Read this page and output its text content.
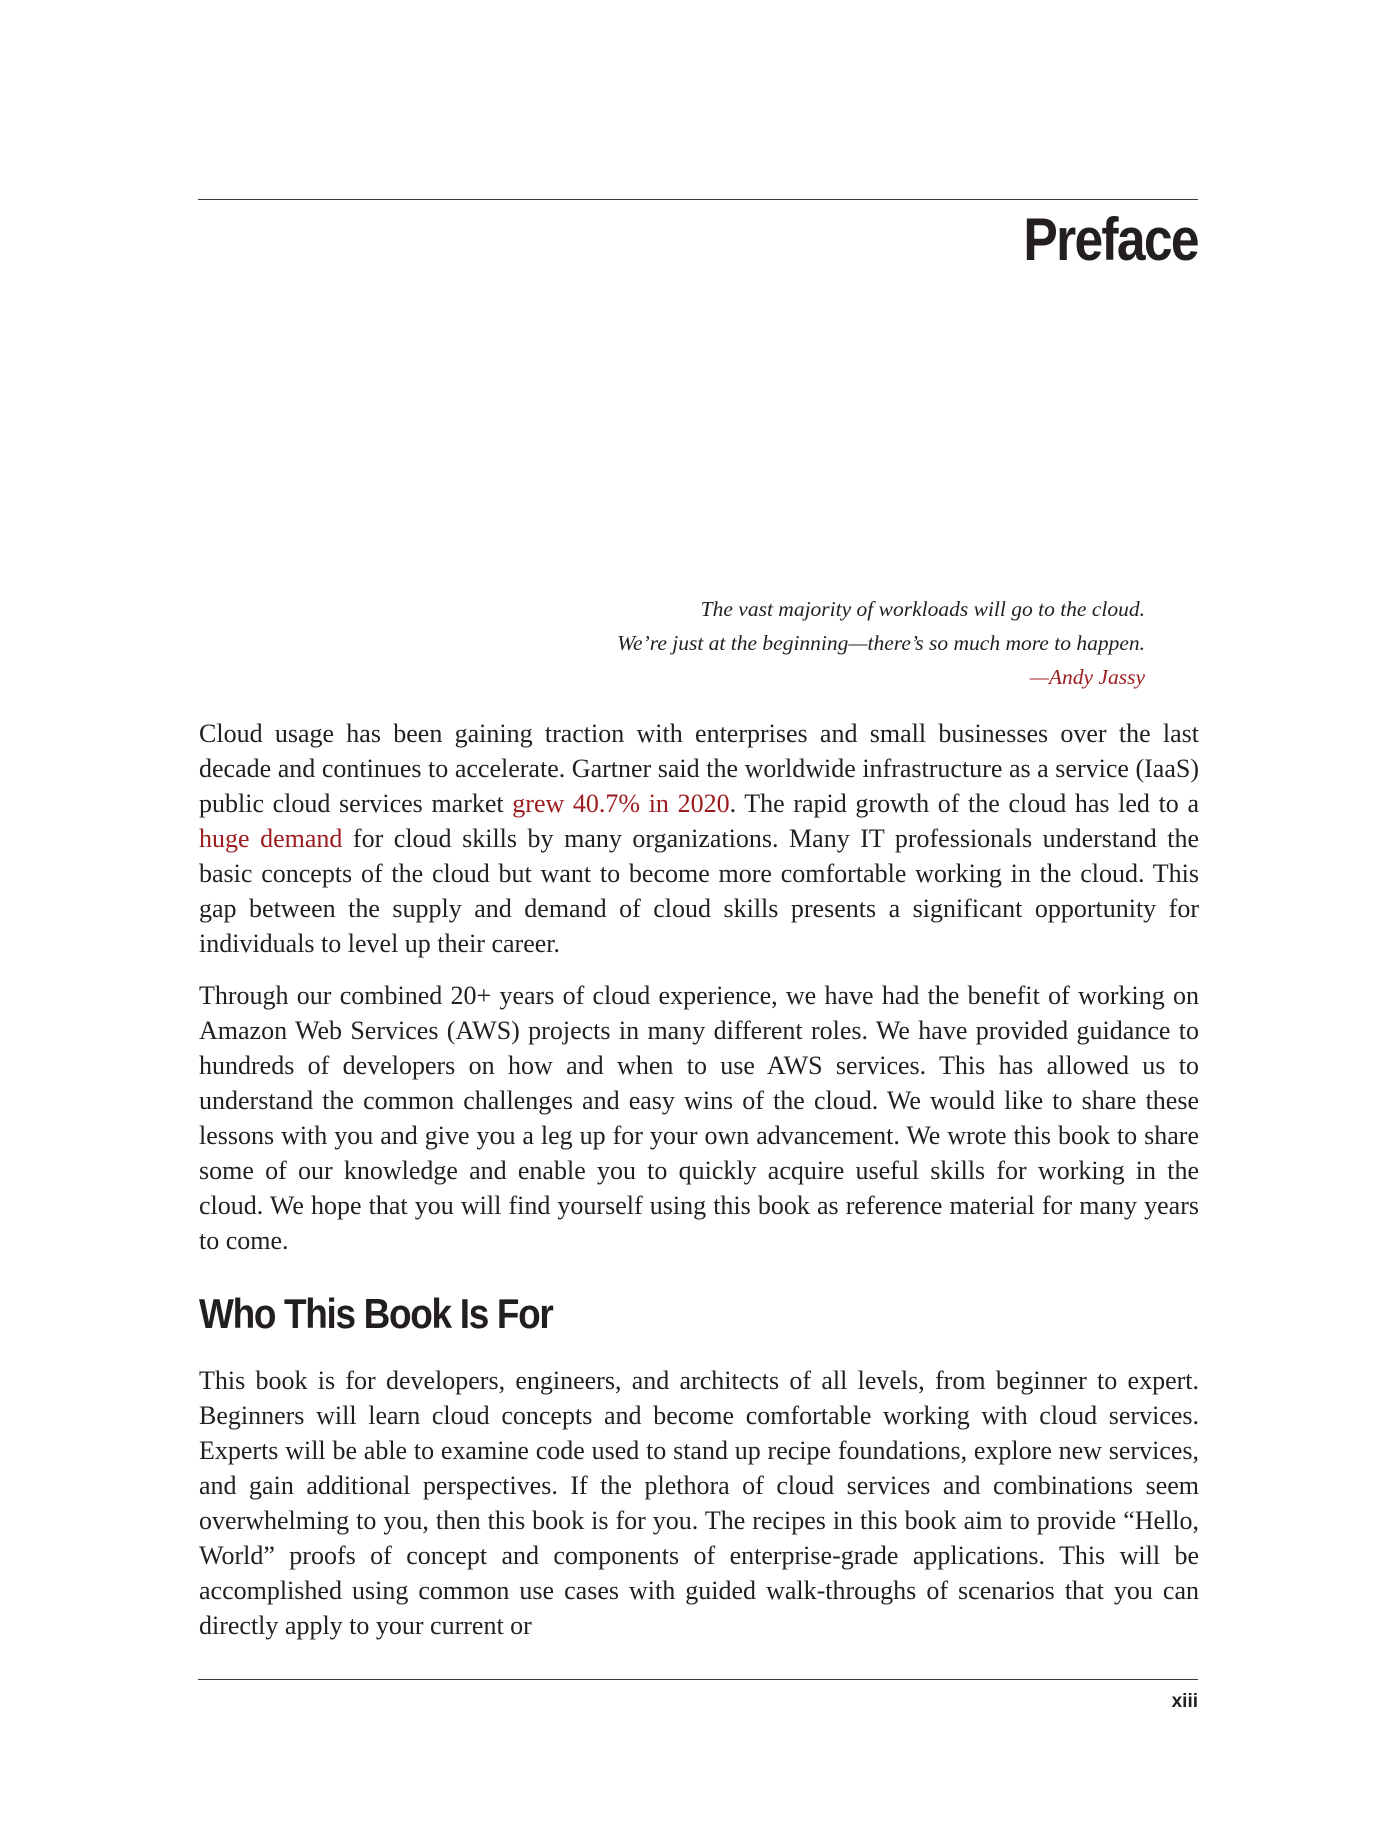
Preface
The vast majority of workloads will go to the cloud.
We’re just at the beginning—there’s so much more to happen.
—Andy Jassy

Cloud usage has been gaining traction with enterprises and small businesses over the last decade and continues to accelerate. Gartner said the worldwide infrastructure as a service (IaaS) public cloud services market grew 40.7% in 2020. The rapid growth of the cloud has led to a huge demand for cloud skills by many organizations. Many IT professionals understand the basic concepts of the cloud but want to become more comfortable working in the cloud. This gap between the supply and demand of cloud skills presents a significant opportunity for individuals to level up their career.

Through our combined 20+ years of cloud experience, we have had the benefit of working on Amazon Web Services (AWS) projects in many different roles. We have provided guidance to hundreds of developers on how and when to use AWS services. This has allowed us to understand the common challenges and easy wins of the cloud. We would like to share these lessons with you and give you a leg up for your own advancement. We wrote this book to share some of our knowledge and enable you to quickly acquire useful skills for working in the cloud. We hope that you will find yourself using this book as reference material for many years to come.

Who This Book Is For

This book is for developers, engineers, and architects of all levels, from beginner to expert. Beginners will learn cloud concepts and become comfortable working with cloud services. Experts will be able to examine code used to stand up recipe foundations, explore new services, and gain additional perspectives. If the plethora of cloud services and combinations seem overwhelming to you, then this book is for you. The recipes in this book aim to provide “Hello, World” proofs of concept and components of enterprise-grade applications. This will be accomplished using common use cases with guided walk-throughs of scenarios that you can directly apply to your current or

xiii
